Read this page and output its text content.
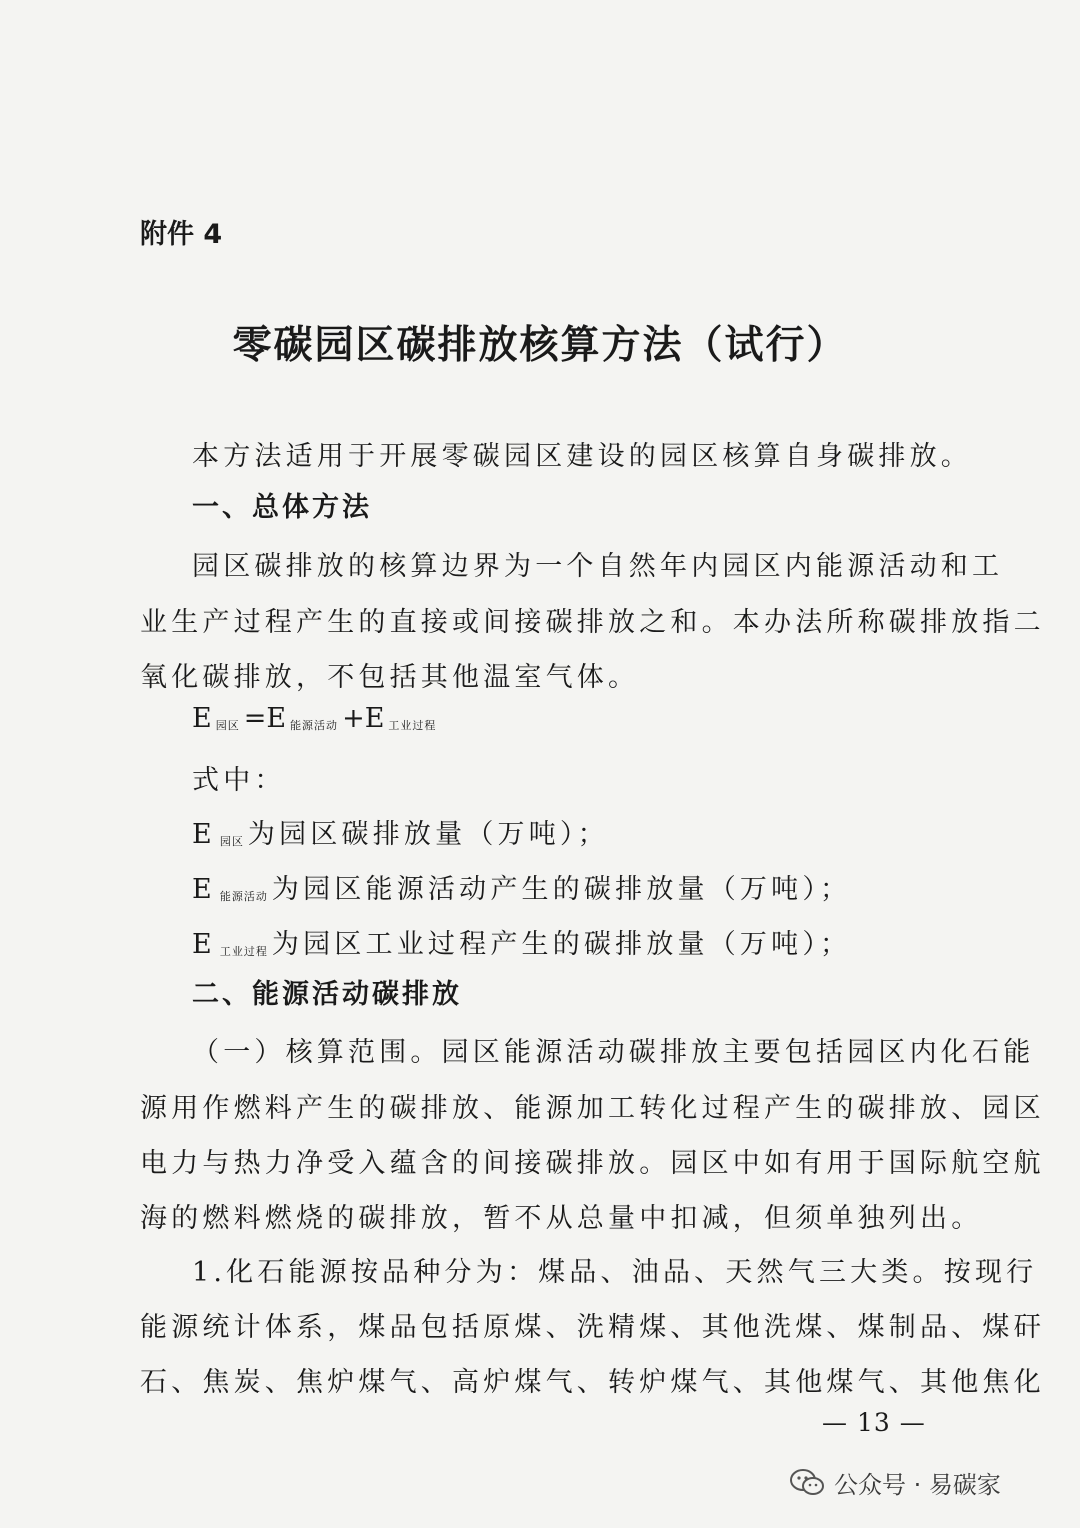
附件 4
零碳园区碳排放核算方法（试行）
本方法适用于开展零碳园区建设的园区核算自身碳排放。
一、总体方法
园区碳排放的核算边界为一个自然年内园区内能源活动和工
业生产过程产生的直接或间接碳排放之和。本办法所称碳排放指二
氧化碳排放，不包括其他温室气体。
E园区 =E 能源活动 +E 工业过程
式中：
E园区 为园区碳排放量（万吨）；
E能源活动 为园区能源活动产生的碳排放量（万吨）；
E工业过程 为园区工业过程产生的碳排放量（万吨）；
二、能源活动碳排放
（一）核算范围。园区能源活动碳排放主要包括园区内化石能
源用作燃料产生的碳排放、能源加工转化过程产生的碳排放、园区
电力与热力净受入蕴含的间接碳排放。园区中如有用于国际航空航
海的燃料燃烧的碳排放，暂不从总量中扣减，但须单独列出。
1.化石能源按品种分为：煤品、油品、天然气三大类。按现行
能源统计体系，煤品包括原煤、洗精煤、其他洗煤、煤制品、煤矸
石、焦炭、焦炉煤气、高炉煤气、转炉煤气、其他煤气、其他焦化
— 13 —
公众号 · 易碳家
